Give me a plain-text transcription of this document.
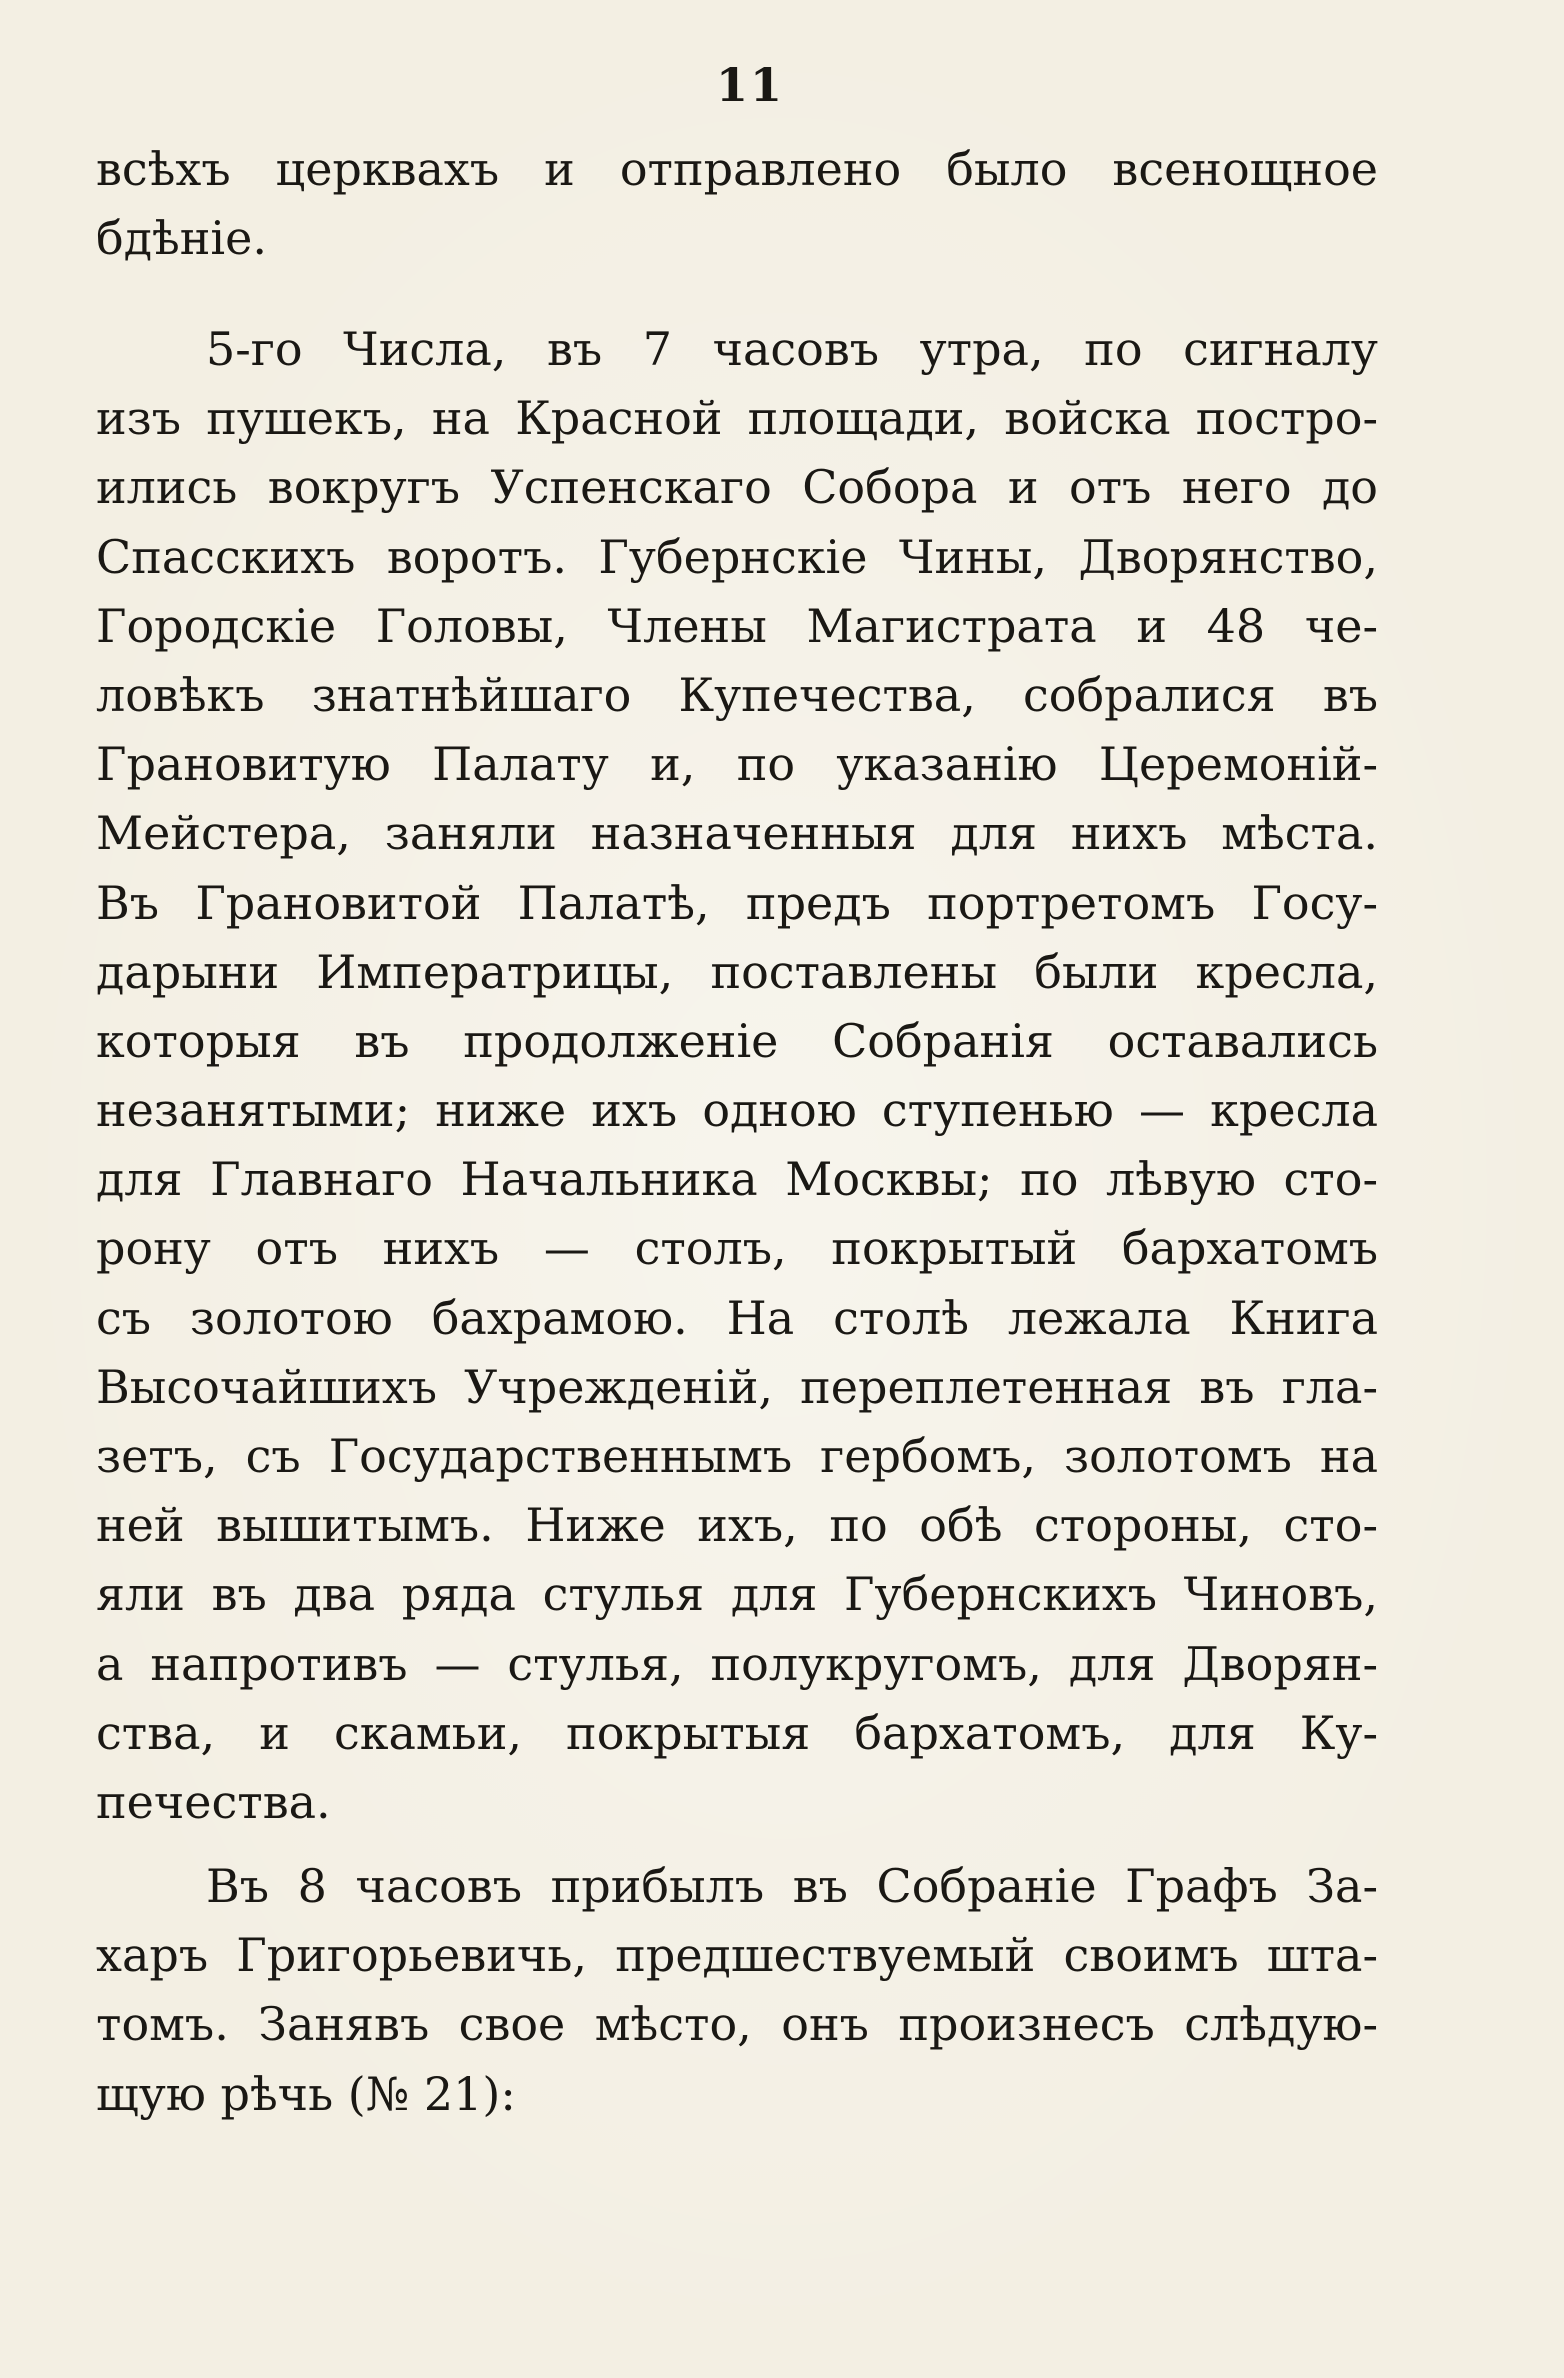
11
всѣхъ церквахъ и отправлено было всенощное
бдѣніе.
5-го Числа, въ 7 часовъ утра, по сигналу
изъ пушекъ, на Красной площади, войска постро-
ились вокругъ Успенскаго Собора и отъ него до
Спасскихъ воротъ. Губернскіе Чины, Дворянство,
Городскіе Головы, Члены Магистрата и 48 че-
ловѣкъ знатнѣйшаго Купечества, собралися въ
Грановитую Палату и, по указанію Церемоній-
Мейстера, заняли назначенныя для нихъ мѣста.
Въ Грановитой Палатѣ, предъ портретомъ Госу-
дарыни Императрицы, поставлены были кресла,
которыя въ продолженіе Собранія оставались
незанятыми; ниже ихъ одною ступенью — кресла
для Главнаго Начальника Москвы; по лѣвую сто-
рону отъ нихъ — столъ, покрытый бархатомъ
съ золотою бахрамою. На столѣ лежала Книга
Высочайшихъ Учрежденій, переплетенная въ гла-
зетъ, съ Государственнымъ гербомъ, золотомъ на
ней вышитымъ. Ниже ихъ, по обѣ стороны, сто-
яли въ два ряда стулья для Губернскихъ Чиновъ,
а напротивъ — стулья, полукругомъ, для Дворян-
ства, и скамьи, покрытыя бархатомъ, для Ку-
печества.
Въ 8 часовъ прибылъ въ Собраніе Графъ За-
харъ Григорьевичь, предшествуемый своимъ шта-
томъ. Занявъ свое мѣсто, онъ произнесъ слѣдую-
щую рѣчь (№ 21):
